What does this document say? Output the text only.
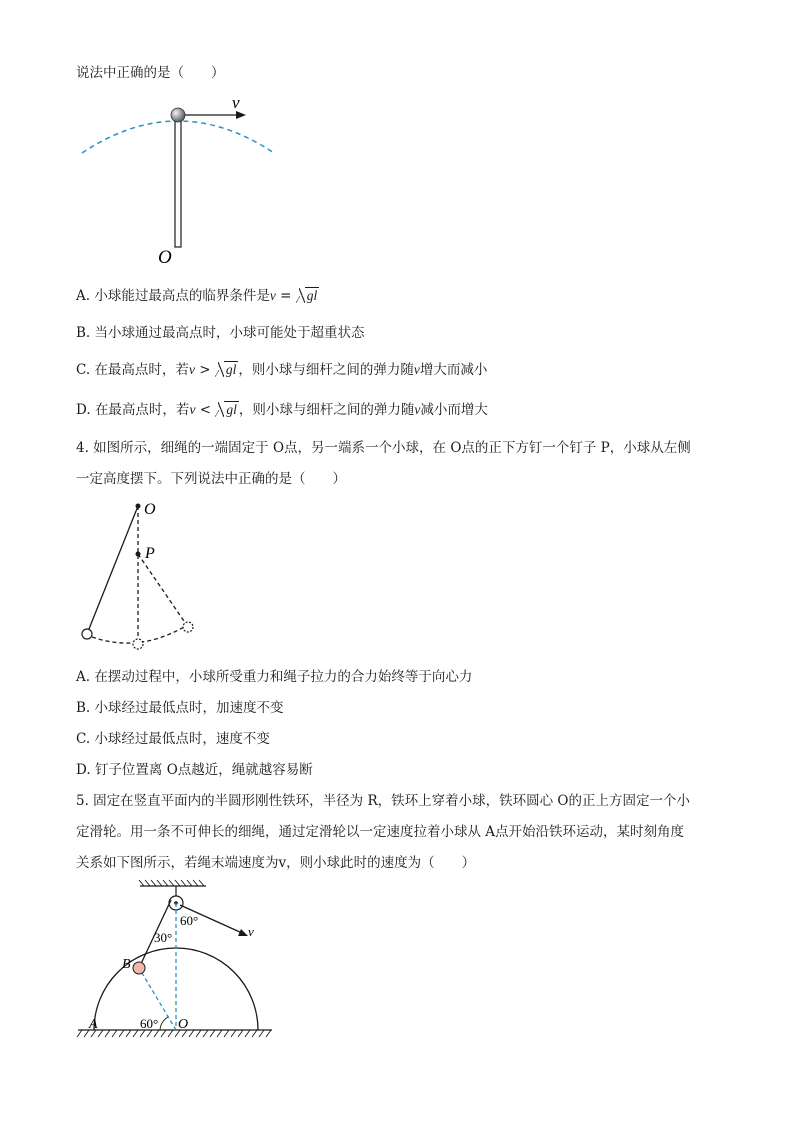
说法中正确的是（　　）
v
O
A. 小球能过最高点的临界条件是v = gl
B. 当小球通过最高点时，小球可能处于超重状态
C. 在最高点时，若v > gl ，则小球与细杆之间的弹力随v增大而减小
D. 在最高点时，若v < gl ，则小球与细杆之间的弹力随v减小而增大
4. 如图所示，细绳的一端固定于 O点，另一端系一个小球，在 O点的正下方钉一个钉子 P，小球从左侧
一定高度摆下。下列说法中正确的是（　　）
O
P
A. 在摆动过程中，小球所受重力和绳子拉力的合力始终等于向心力
B. 小球经过最低点时，加速度不变
C. 小球经过最低点时，速度不变
D. 钉子位置离 O点越近，绳就越容易断
5. 固定在竖直平面内的半圆形刚性铁环，半径为 R，铁环上穿着小球，铁环圆心 O的正上方固定一个小
定滑轮。用一条不可伸长的细绳，通过定滑轮以一定速度拉着小球从 A点开始沿铁环运动，某时刻角度
关系如下图所示，若绳末端速度为v，则小球此时的速度为（　　）
60°
30°
60°
B
A	O
v
